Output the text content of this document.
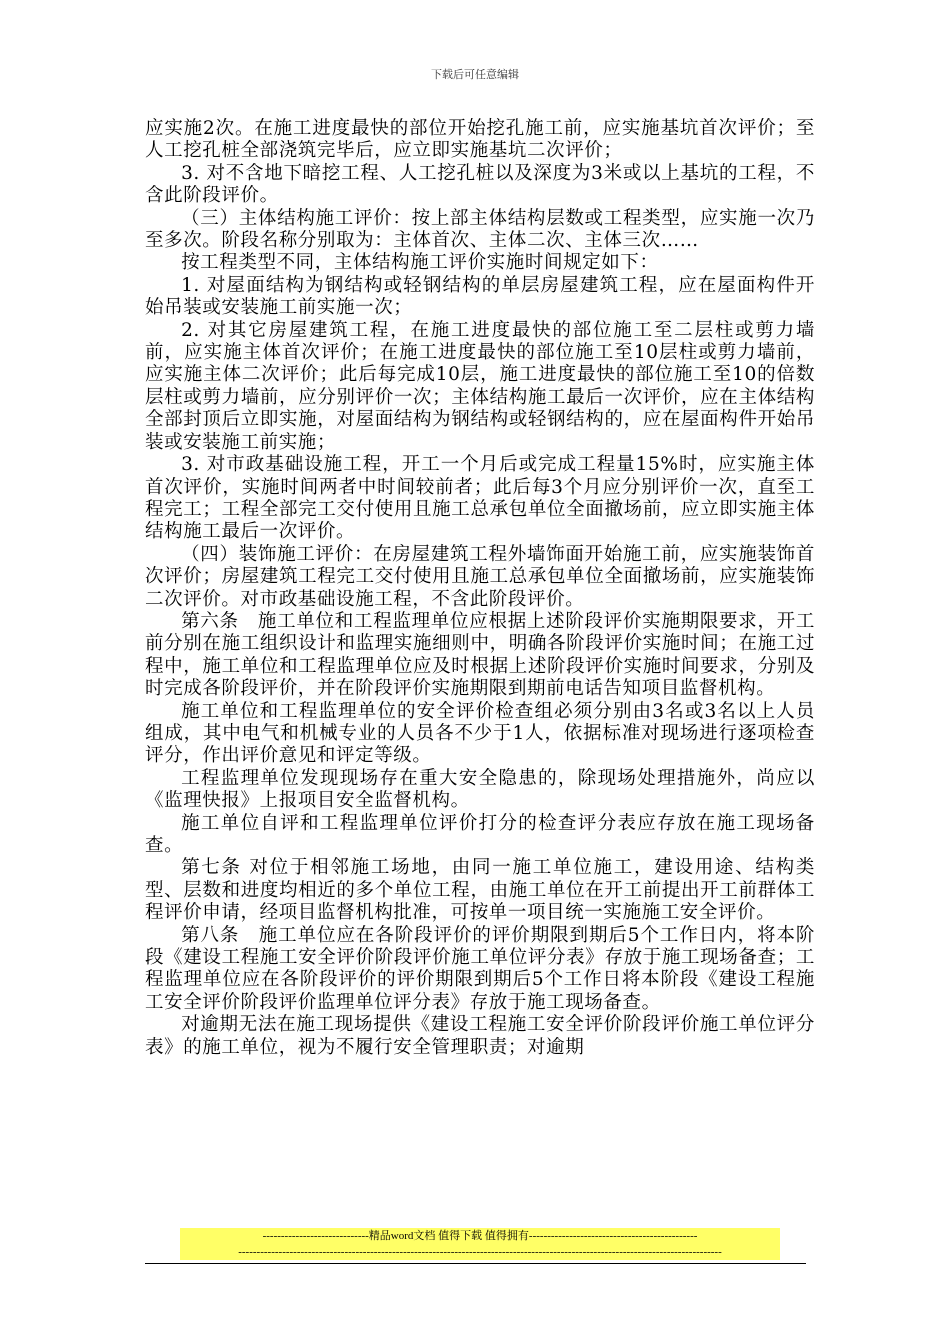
下载后可任意编辑

应实施2次。在施工进度最快的部位开始挖孔施工前，应实施基坑首次评价；至人工挖孔桩全部浇筑完毕后，应立即实施基坑二次评价；

3. 对不含地下暗挖工程、人工挖孔桩以及深度为3米或以上基坑的工程，不含此阶段评价。

（三）主体结构施工评价：按上部主体结构层数或工程类型，应实施一次乃至多次。阶段名称分别取为：主体首次、主体二次、主体三次……

按工程类型不同，主体结构施工评价实施时间规定如下：

1. 对屋面结构为钢结构或轻钢结构的单层房屋建筑工程，应在屋面构件开始吊装或安装施工前实施一次；

2. 对其它房屋建筑工程，在施工进度最快的部位施工至二层柱或剪力墙前，应实施主体首次评价；在施工进度最快的部位施工至10层柱或剪力墙前，应实施主体二次评价；此后每完成10层，施工进度最快的部位施工至10的倍数层柱或剪力墙前，应分别评价一次；主体结构施工最后一次评价，应在主体结构全部封顶后立即实施，对屋面结构为钢结构或轻钢结构的，应在屋面构件开始吊装或安装施工前实施；

3. 对市政基础设施工程，开工一个月后或完成工程量15%时，应实施主体首次评价，实施时间两者中时间较前者；此后每3个月应分别评价一次，直至工程完工；工程全部完工交付使用且施工总承包单位全面撤场前，应立即实施主体结构施工最后一次评价。

（四）装饰施工评价：在房屋建筑工程外墙饰面开始施工前，应实施装饰首次评价；房屋建筑工程完工交付使用且施工总承包单位全面撤场前，应实施装饰二次评价。对市政基础设施工程，不含此阶段评价。

第六条　施工单位和工程监理单位应根据上述阶段评价实施期限要求，开工前分别在施工组织设计和监理实施细则中，明确各阶段评价实施时间；在施工过程中，施工单位和工程监理单位应及时根据上述阶段评价实施时间要求，分别及时完成各阶段评价，并在阶段评价实施期限到期前电话告知项目监督机构。

施工单位和工程监理单位的安全评价检查组必须分别由3名或3名以上人员组成，其中电气和机械专业的人员各不少于1人，依据标准对现场进行逐项检查评分，作出评价意见和评定等级。

工程监理单位发现现场存在重大安全隐患的，除现场处理措施外，尚应以《监理快报》上报项目安全监督机构。

施工单位自评和工程监理单位评价打分的检查评分表应存放在施工现场备查。

第七条 对位于相邻施工场地，由同一施工单位施工，建设用途、结构类型、层数和进度均相近的多个单位工程，由施工单位在开工前提出开工前群体工程评价申请，经项目监督机构批准，可按单一项目统一实施施工安全评价。

第八条　施工单位应在各阶段评价的评价期限到期后5个工作日内，将本阶段《建设工程施工安全评价阶段评价施工单位评分表》存放于施工现场备查；工程监理单位应在各阶段评价的评价期限到期后5个工作日将本阶段《建设工程施工安全评价阶段评价监理单位评分表》存放于施工现场备查。

对逾期无法在施工现场提供《建设工程施工安全评价阶段评价施工单位评分表》的施工单位，视为不履行安全管理职责；对逾期

-----------------------------精品word文档 值得下载 值得拥有----------------------------------------------
------------------------------------------------------------------------------------------------------------------------------------
